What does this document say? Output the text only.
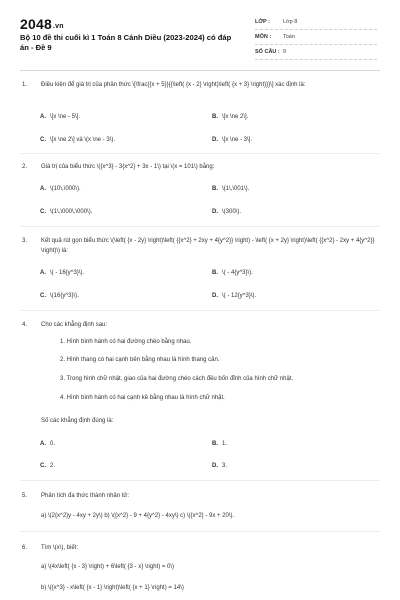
2048.vn
Bộ 10 đề thi cuối kì 1 Toán 8 Cánh Diều (2023-2024) có đáp án - Đề 9
LỚP :	Lớp 8
MÔN :	Toán
SỐ CÂU : 9
1. Điều kiện để giá trị của phân thức \[\frac{{x + 5}}{{\left( {x - 2} \right)\left( {x + 3} \right)}}\] xác định là:
A. \[x \ne - 5\].	B. \[x \ne 2\].
C. \[x \ne 2\] và \(x \ne - 3\).	D. \[x \ne - 3\].
2. Giá trị của biểu thức \({x^3} - 3{x^2} + 3x - 1\) tại \(x = 101\) bằng:
A. \(10\,\000\).	B. \(1\,\001\).
C. \(1\,\000\,\000\).	D. \(300\).
3. Kết quả rút gọn biểu thức \(\left( {x - 2y} \right)\left( {{x^2} + 2xy + 4{y^2}} \right) - \left( {x + 2y} \right)\left( {{x^2} - 2xy + 4{y^2}} \right)\) là:
A. \( - 16{y^3}\).	B. \( - 4{y^3}\).
C. \(16{y^3}\).	D. \( - 12{y^3}\).
4. Cho các khẳng định sau:
1. Hình bình hành có hai đường chéo bằng nhau.
2. Hình thang có hai cạnh bên bằng nhau là hình thang cân.
3. Trong hình chữ nhật, giao của hai đường chéo cách đều bốn đỉnh của hình chữ nhật.
4. Hình bình hành có hai cạnh kề bằng nhau là hình chữ nhật.
Số các khẳng định đúng là:
A. 0.	B. 1.
C. 2.	D. 3.
5. Phân tích đa thức thành nhân tử:
a) \(2{x^2}y - 4xy + 2y\) b) \({x^2} - 9 + 4{y^2} - 4xy\) c) \({x^2} - 9x + 20\).
6. Tìm \(x\), biết:
a) \(4x\left( {x - 3} \right) + 6\left( {3 - x} \right) = 0\)
b) \({x^3} - x\left( {x - 1} \right)\left( {x + 1} \right) = 14\)
